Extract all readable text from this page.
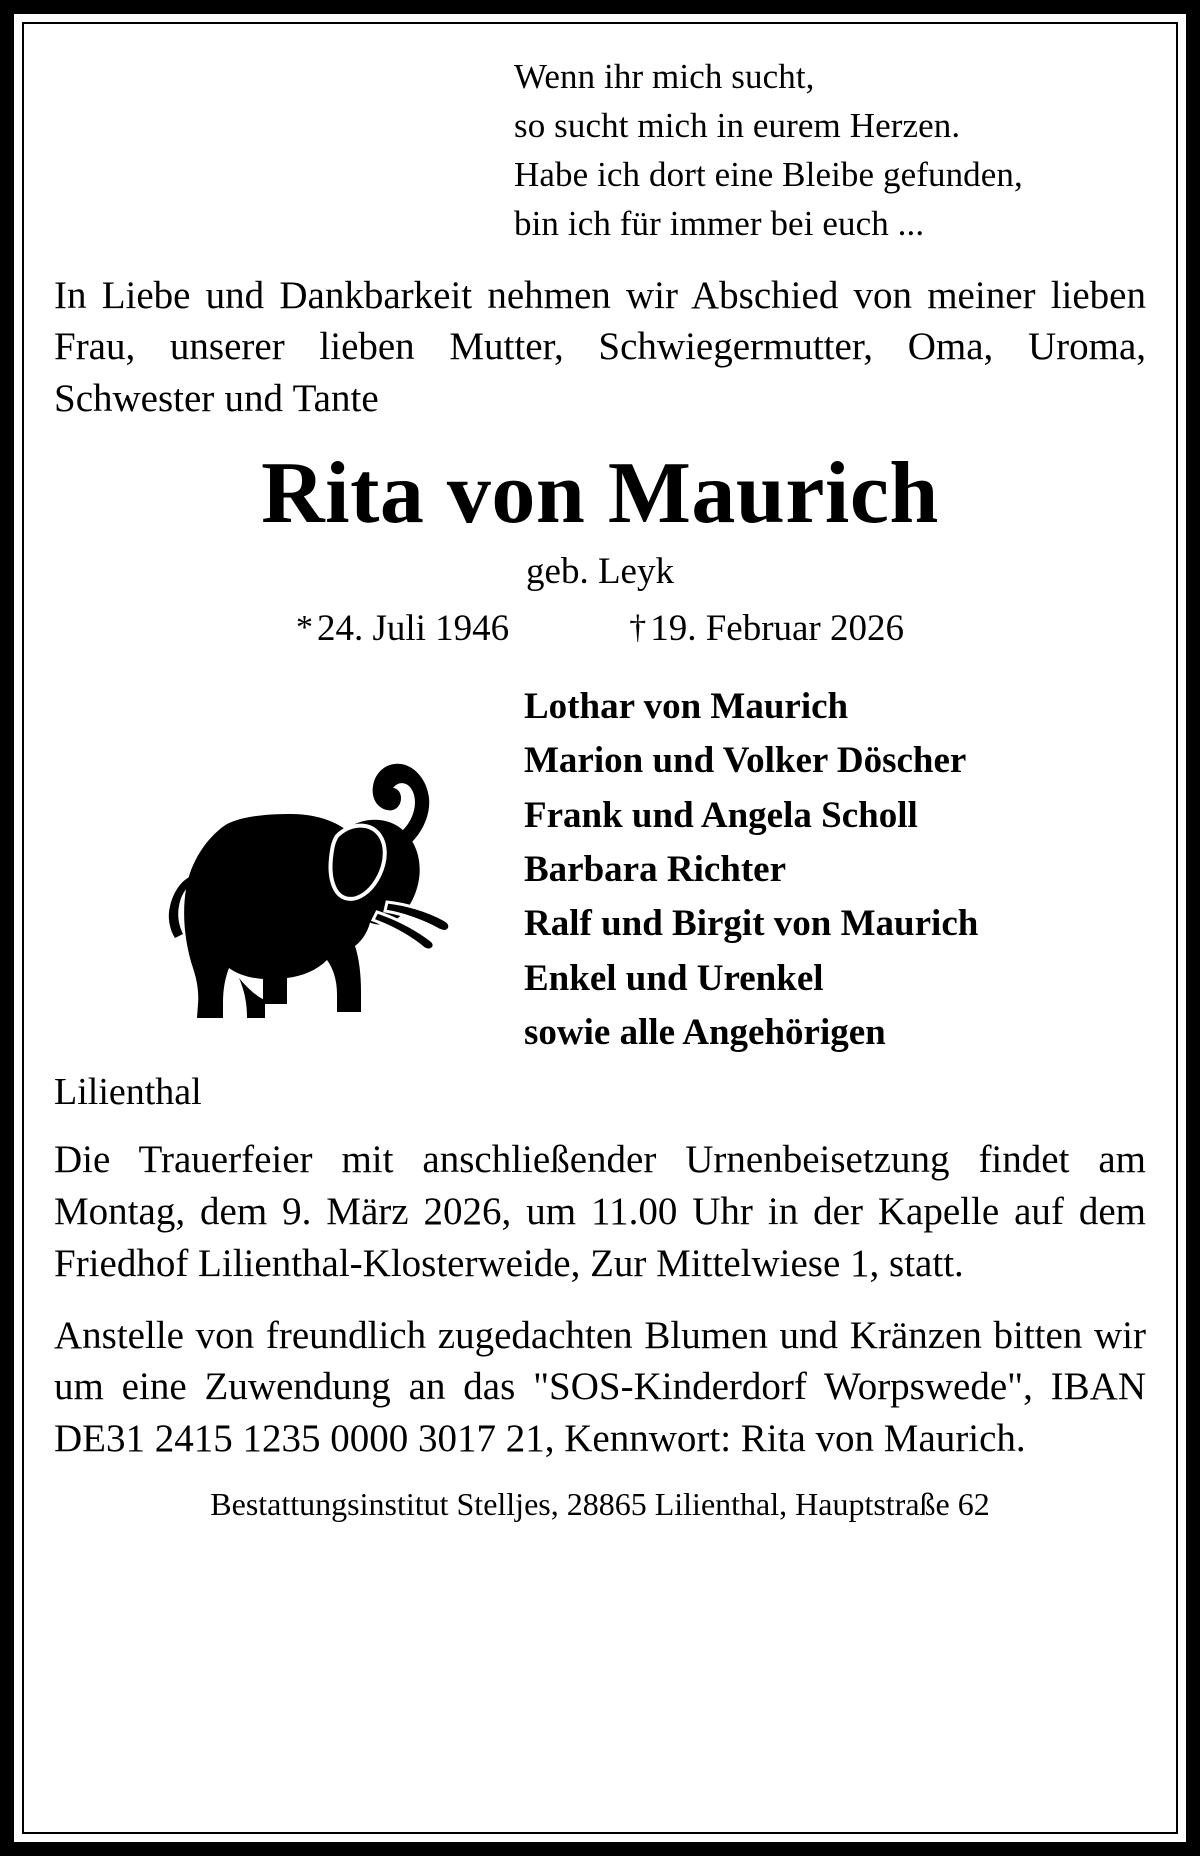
Wenn ihr mich sucht,
so sucht mich in eurem Herzen.
Habe ich dort eine Bleibe gefunden,
bin ich für immer bei euch ...
In Liebe und Dankbarkeit nehmen wir Abschied von meiner lieben Frau, unserer lieben Mutter, Schwiegermutter, Oma, Uroma, Schwester und Tante
Rita von Maurich
geb. Leyk
* 24. Juli 1946	† 19. Februar 2026
Lothar von Maurich
Marion und Volker Döscher
Frank und Angela Scholl
Barbara Richter
Ralf und Birgit von Maurich
Enkel und Urenkel
sowie alle Angehörigen
Lilienthal
Die Trauerfeier mit anschließender Urnenbeisetzung findet am Montag, dem 9. März 2026, um 11.00 Uhr in der Kapelle auf dem Friedhof Lilienthal-Klosterweide, Zur Mittelwiese 1, statt.
Anstelle von freundlich zugedachten Blumen und Kränzen bitten wir um eine Zuwendung an das "SOS-Kinderdorf Worpswede", IBAN DE31 2415 1235 0000 3017 21, Kennwort: Rita von Maurich.
Bestattungsinstitut Stelljes, 28865 Lilienthal, Hauptstraße 62
